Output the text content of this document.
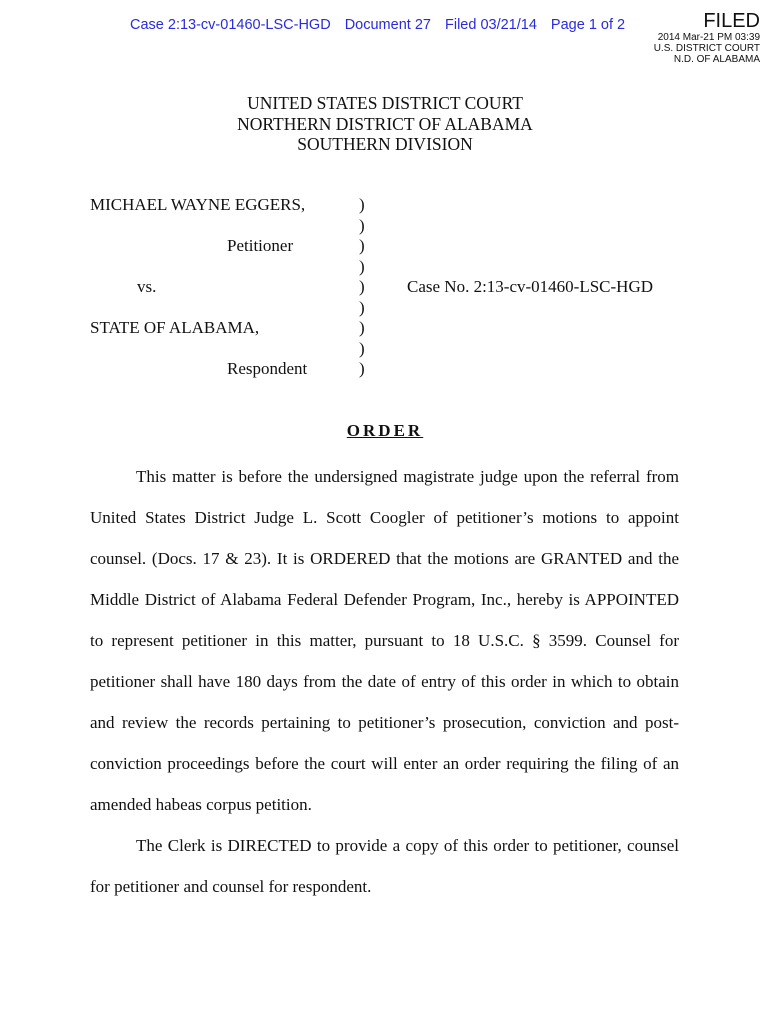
Case 2:13-cv-01460-LSC-HGD Document 27 Filed 03/21/14 Page 1 of 2	FILED
2014 Mar-21 PM 03:39
U.S. DISTRICT COURT
N.D. OF ALABAMA
UNITED STATES DISTRICT COURT
NORTHERN DISTRICT OF ALABAMA
SOUTHERN DIVISION
MICHAEL WAYNE EGGERS,
Petitioner
vs.
STATE OF ALABAMA,
Respondent
)
)
)
)
)
)
)
)
)
Case No. 2:13-cv-01460-LSC-HGD
ORDER

This matter is before the undersigned magistrate judge upon the referral from United States District Judge L. Scott Coogler of petitioner’s motions to appoint counsel. (Docs. 17 & 23). It is ORDERED that the motions are GRANTED and the Middle District of Alabama Federal Defender Program, Inc., hereby is APPOINTED to represent petitioner in this matter, pursuant to 18 U.S.C. § 3599. Counsel for petitioner shall have 180 days from the date of entry of this order in which to obtain and review the records pertaining to petitioner’s prosecution, conviction and post-conviction proceedings before the court will enter an order requiring the filing of an amended habeas corpus petition.

The Clerk is DIRECTED to provide a copy of this order to petitioner, counsel for petitioner and counsel for respondent.
